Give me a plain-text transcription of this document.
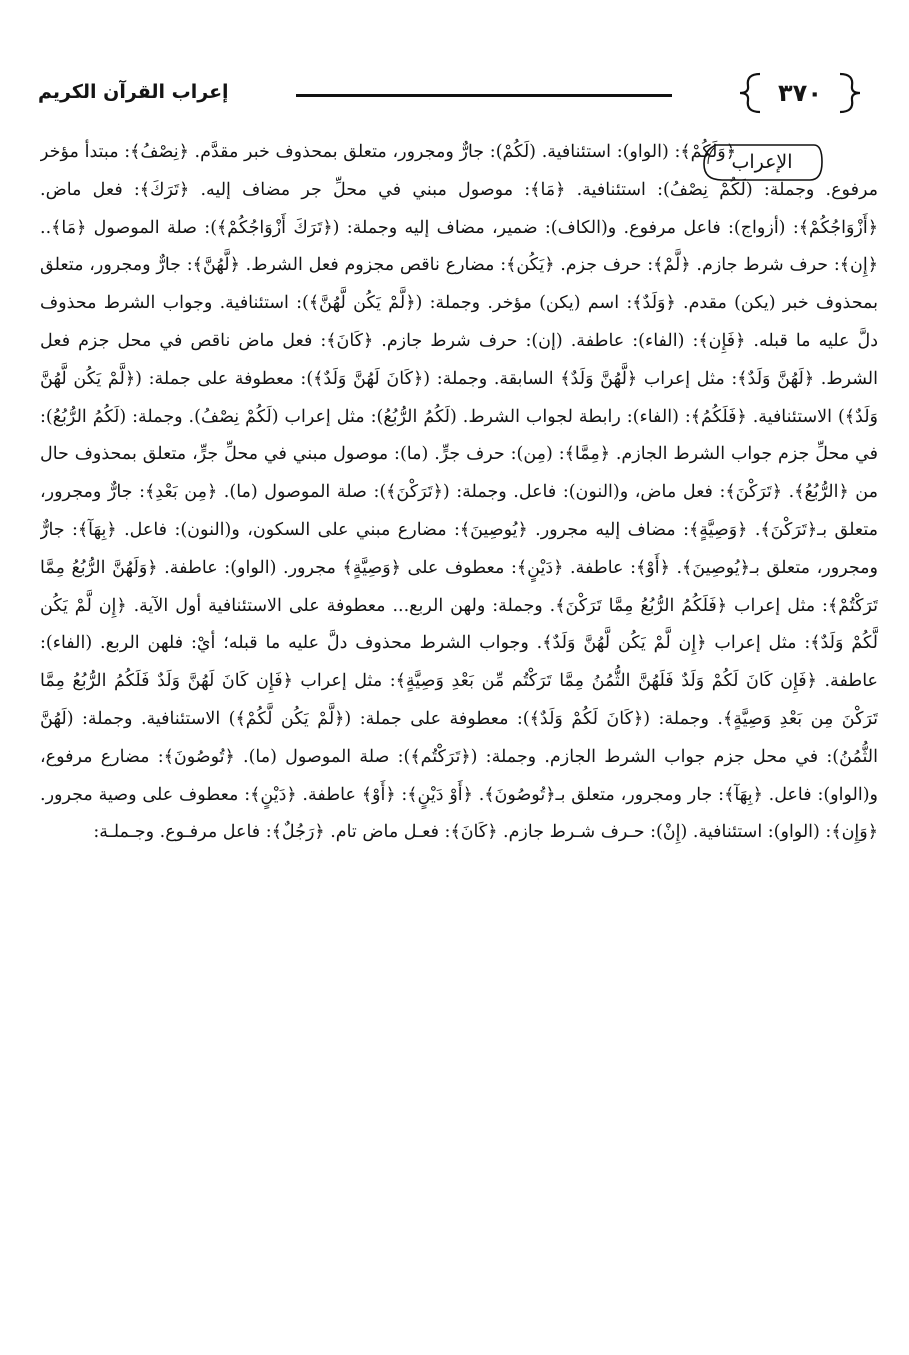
إعراب القرآن الكريم	٣٧٠
الإعراب

﴿وَلَكُمْ﴾: (الواو): استئنافية. (لَكُمْ): جارٌّ ومجرور، متعلق بمحذوف خبر مقدَّم. ﴿نِصْفُ﴾: مبتدأ مؤخر مرفوع. وجملة: (لَكُمْ نِصْفُ): استئنافية. ﴿مَا﴾: موصول مبني في محلِّ جر مضاف إليه. ﴿تَرَكَ﴾: فعل ماض. ﴿أَزْوَاجُكُمْ﴾: (أزواج): فاعل مرفوع. و(الكاف): ضمير، مضاف إليه وجملة: (﴿تَرَكَ أَزْوَاجُكُمْ﴾): صلة الموصول ﴿مَا﴾.. ﴿إِن﴾: حرف شرط جازم. ﴿لَّمْ﴾: حرف جزم. ﴿يَكُن﴾: مضارع ناقص مجزوم فعل الشرط. ﴿لَّهُنَّ﴾: جارٌّ ومجرور، متعلق بمحذوف خبر (يكن) مقدم. ﴿وَلَدٌ﴾: اسم (يكن) مؤخر. وجملة: (﴿لَّمْ يَكُن لَّهُنَّ﴾): استئنافية. وجواب الشرط محذوف دلَّ عليه ما قبله. ﴿فَإِن﴾: (الفاء): عاطفة. (إن): حرف شرط جازم. ﴿كَانَ﴾: فعل ماض ناقص في محل جزم فعل الشرط. ﴿لَهُنَّ وَلَدٌ﴾: مثل إعراب ﴿لَّهُنَّ وَلَدٌ﴾ السابقة. وجملة: (﴿كَانَ لَهُنَّ وَلَدٌ﴾): معطوفة على جملة: (﴿لَّمْ يَكُن لَّهُنَّ وَلَدٌ﴾) الاستئنافية. ﴿فَلَكُمُ﴾: (الفاء): رابطة لجواب الشرط. (لَكُمُ الرُّبُعُ): مثل إعراب (لَكُمْ نِصْفُ). وجملة: (لَكُمُ الرُّبُعُ): في محلِّ جزم جواب الشرط الجازم. ﴿مِمَّا﴾: (مِن): حرف جرٍّ. (ما): موصول مبني في محلِّ جرٍّ، متعلق بمحذوف حال من ﴿الرُّبُعُ﴾. ﴿تَرَكْنَ﴾: فعل ماض، و(النون): فاعل. وجملة: (﴿تَرَكْنَ﴾): صلة الموصول (ما). ﴿مِن بَعْدِ﴾: جارٌّ ومجرور، متعلق بـ﴿تَرَكْنَ﴾. ﴿وَصِيَّةٍ﴾: مضاف إليه مجرور. ﴿يُوصِينَ﴾: مضارع مبني على السكون، و(النون): فاعل. ﴿بِهَآ﴾: جارٌّ ومجرور، متعلق بـ﴿يُوصِينَ﴾. ﴿أَوْ﴾: عاطفة. ﴿دَيْنٍ﴾: معطوف على ﴿وَصِيَّةٍ﴾ مجرور. (الواو): عاطفة. ﴿وَلَهُنَّ الرُّبُعُ مِمَّا تَرَكْتُمْ﴾: مثل إعراب ﴿فَلَكُمُ الرُّبُعُ مِمَّا تَرَكْنَ﴾. وجملة: ولهن الربع... معطوفة على الاستئنافية أول الآية. ﴿إِن لَّمْ يَكُن لَّكُمْ وَلَدٌ﴾: مثل إعراب ﴿إِن لَّمْ يَكُن لَّهُنَّ وَلَدٌ﴾. وجواب الشرط محذوف دلَّ عليه ما قبله؛ أيْ: فلهن الربع. (الفاء): عاطفة. ﴿فَإِن كَانَ لَكُمْ وَلَدٌ فَلَهُنَّ الثُّمُنُ مِمَّا تَرَكْتُم مِّن بَعْدِ وَصِيَّةٍ﴾: مثل إعراب ﴿فَإِن كَانَ لَهُنَّ وَلَدٌ فَلَكُمُ الرُّبُعُ مِمَّا تَرَكْنَ مِن بَعْدِ وَصِيَّةٍ﴾. وجملة: (﴿كَانَ لَكُمْ وَلَدٌ﴾): معطوفة على جملة: (﴿لَّمْ يَكُن لَّكُمْ﴾) الاستئنافية. وجملة: (لَهُنَّ الثُّمُنُ): في محل جزم جواب الشرط الجازم. وجملة: (﴿تَرَكْتُم﴾): صلة الموصول (ما). ﴿تُوصُونَ﴾: مضارع مرفوع، و(الواو): فاعل. ﴿بِهَآ﴾: جار ومجرور، متعلق بـ﴿تُوصُونَ﴾. ﴿أَوْ دَيْنٍ﴾: ﴿أَوْ﴾ عاطفة. ﴿دَيْنٍ﴾: معطوف على وصية مجرور. ﴿وَإِن﴾: (الواو): استئنافية. (إِنْ): حـرف شـرط جازم. ﴿كَانَ﴾: فعـل ماض تام. ﴿رَجُلٌ﴾: فاعل مرفـوع. وجـملـة:
